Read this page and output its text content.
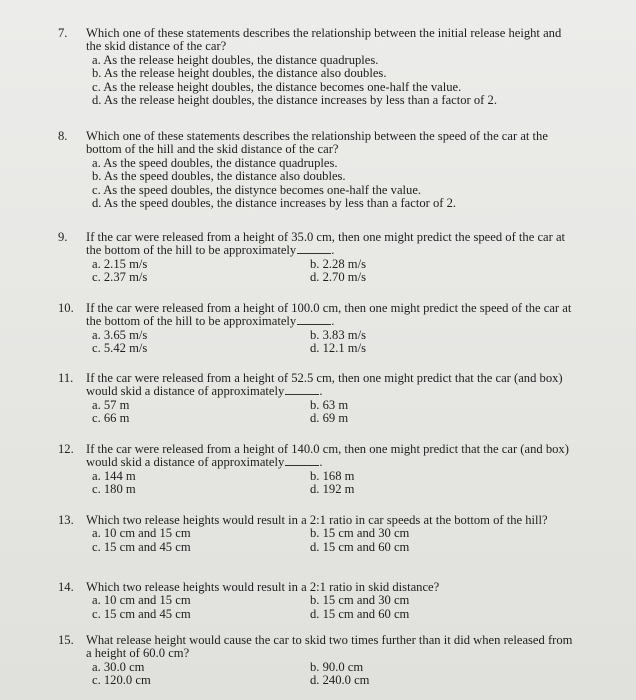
7.	Which one of these statements describes the relationship between the initial release height and the skid distance of the car?
a. As the release height doubles, the distance quadruples.
b. As the release height doubles, the distance also doubles.
c. As the release height doubles, the distance becomes one-half the value.
d. As the release height doubles, the distance increases by less than a factor of 2.
8.	Which one of these statements describes the relationship between the speed of the car at the bottom of the hill and the skid distance of the car?
a. As the speed doubles, the distance quadruples.
b. As the speed doubles, the distance also doubles.
c. As the speed doubles, the distynce becomes one-half the value.
d. As the speed doubles, the distance increases by less than a factor of 2.
9.	If the car were released from a height of 35.0 cm, then one might predict the speed of the car at the bottom of the hill to be approximately	.
a. 2.15 m/s	b. 2.28 m/s
c. 2.37 m/s	d. 2.70 m/s
10. If the car were released from a height of 100.0 cm, then one might predict the speed of the car at the bottom of the hill to be approximately	.
a. 3.65 m/s	b. 3.83 m/s
c. 5.42 m/s	d. 12.1 m/s
11.	If the car were released from a height of 52.5 cm, then one might predict that the car (and box) would skid a distance of approximately	.
a. 57 m	b. 63 m
c. 66 m	d. 69 m
12. If the car were released from a height of 140.0 cm, then one might predict that the car (and box) would skid a distance of approximately	.
a. 144 m	b. 168 m
c. 180 m	d. 192 m
13. Which two release heights would result in a 2:1 ratio in car speeds at the bottom of the hill?
a. 10 cm and 15 cm	b. 15 cm and 30 cm
c. 15 cm and 45 cm	d. 15 cm and 60 cm
14. Which two release heights would result in a 2:1 ratio in skid distance?
a. 10 cm and 15 cm	b. 15 cm and 30 cm
c. 15 cm and 45 cm	d. 15 cm and 60 cm
15. What release height would cause the car to skid two times further than it did when released from a height of 60.0 cm?
a. 30.0 cm	b. 90.0 cm
c. 120.0 cm	d. 240.0 cm
